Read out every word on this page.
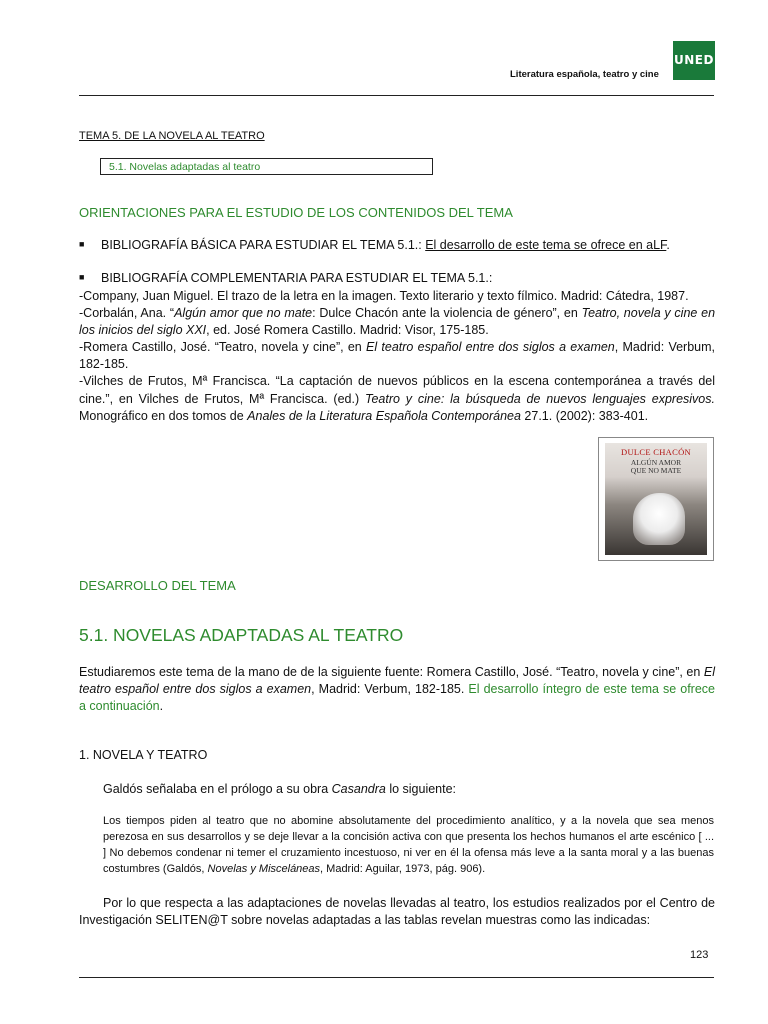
Literatura española, teatro y cine
UNED
TEMA 5. DE LA NOVELA AL TEATRO
5.1. Novelas adaptadas al teatro
ORIENTACIONES PARA EL ESTUDIO DE LOS CONTENIDOS DEL TEMA
■ BIBLIOGRAFÍA BÁSICA PARA ESTUDIAR EL TEMA 5.1.: El desarrollo de este tema se ofrece en aLF.
■ BIBLIOGRAFÍA COMPLEMENTARIA PARA ESTUDIAR EL TEMA 5.1.:

-Company, Juan Miguel. El trazo de la letra en la imagen. Texto literario y texto fílmico. Madrid: Cátedra, 1987.

-Corbalán, Ana. “Algún amor que no mate: Dulce Chacón ante la violencia de género”, en Teatro, novela y cine en los inicios del siglo XXI, ed. José Romera Castillo. Madrid: Visor, 175-185.

-Romera Castillo, José. “Teatro, novela y cine”, en El teatro español entre dos siglos a examen, Madrid: Verbum, 182-185.

-Vilches de Frutos, Mª Francisca. “La captación de nuevos públicos en la escena contemporánea a través del cine.”, en Vilches de Frutos, Mª Francisca. (ed.) Teatro y cine: la búsqueda de nuevos lenguajes expresivos. Monográfico en dos tomos de Anales de la Literatura Española Contemporánea 27.1. (2002): 383-401.

DULCE CHACÓN
ALGÚN AMOR
QUE NO MATE
DESARROLLO DEL TEMA
5.1. NOVELAS ADAPTADAS AL TEATRO

Estudiaremos este tema de la mano de de la siguiente fuente: Romera Castillo, José. “Teatro, novela y cine”, en El teatro español entre dos siglos a examen, Madrid: Verbum, 182-185. El desarrollo íntegro de este tema se ofrece a continuación.

1. NOVELA Y TEATRO
Galdós señalaba en el prólogo a su obra Casandra lo siguiente:

Los tiempos piden al teatro que no abomine absolutamente del procedimiento analítico, y a la novela que sea menos perezosa en sus desarrollos y se deje llevar a la concisión activa con que presenta los hechos humanos el arte escénico [ ... ] No debemos condenar ni temer el cruzamiento incestuoso, ni ver en él la ofensa más leve a la santa moral y a las buenas costumbres (Galdós, Novelas y Misceláneas, Madrid: Aguilar, 1973, pág. 906).

Por lo que respecta a las adaptaciones de novelas llevadas al teatro, los estudios realizados por el Centro de Investigación SELITEN@T sobre novelas adaptadas a las tablas revelan muestras como las indicadas:

123
